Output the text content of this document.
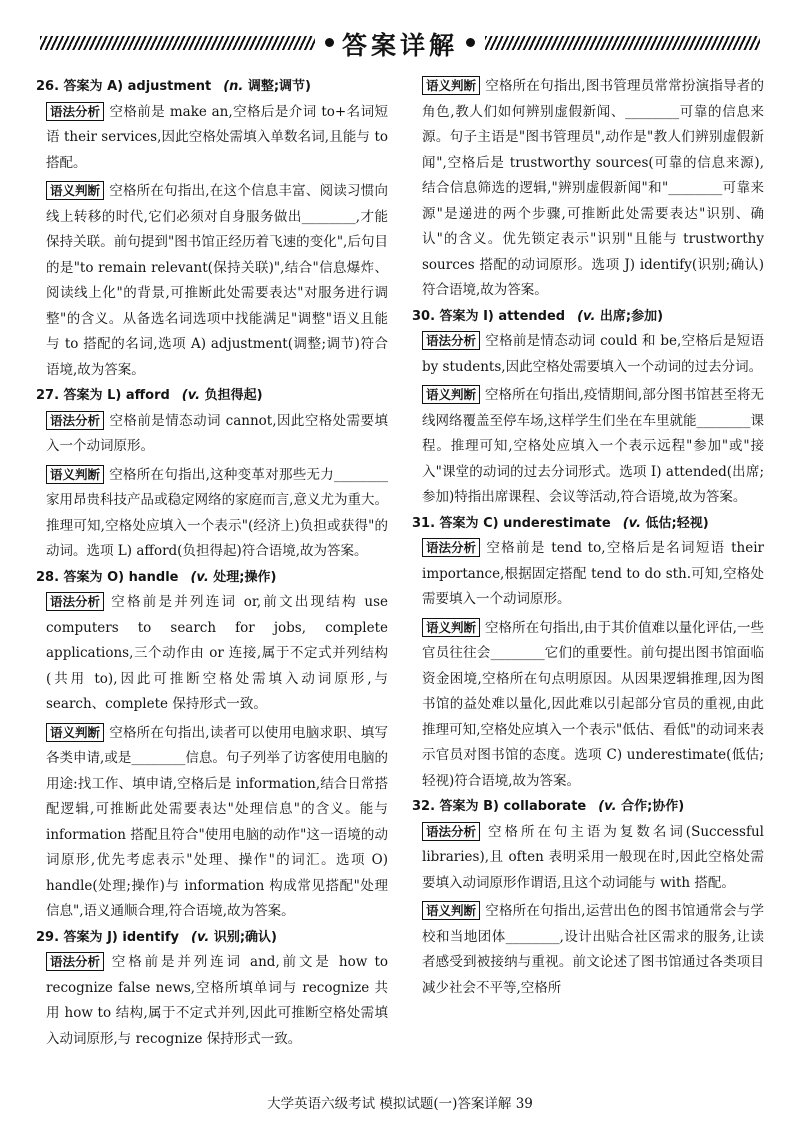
答案详解
26. 答案为 A) adjustment (n. 调整;调节)

语法分析 空格前是 make an,空格后是介词 to+名词短语 their services,因此空格处需填入单数名词,且能与 to 搭配。

语义判断 空格所在句指出,在这个信息丰富、阅读习惯向线上转移的时代,它们必须对自身服务做出________,才能保持关联。前句提到"图书馆正经历着飞速的变化",后句目的是"to remain relevant(保持关联)",结合"信息爆炸、阅读线上化"的背景,可推断此处需要表达"对服务进行调整"的含义。从备选名词选项中找能满足"调整"语义且能与 to 搭配的名词,选项 A) adjustment(调整;调节)符合语境,故为答案。

27. 答案为 L) afford (v. 负担得起)

语法分析 空格前是情态动词 cannot,因此空格处需要填入一个动词原形。

语义判断 空格所在句指出,这种变革对那些无力________家用昂贵科技产品或稳定网络的家庭而言,意义尤为重大。推理可知,空格处应填入一个表示"(经济上)负担或获得"的动词。选项 L) afford(负担得起)符合语境,故为答案。

28. 答案为 O) handle (v. 处理;操作)

语法分析 空格前是并列连词 or,前文出现结构 use computers to search for jobs, complete applications,三个动作由 or 连接,属于不定式并列结构(共用 to),因此可推断空格处需填入动词原形,与 search、complete 保持形式一致。

语义判断 空格所在句指出,读者可以使用电脑求职、填写各类申请,或是________信息。句子列举了访客使用电脑的用途:找工作、填申请,空格后是 information,结合日常搭配逻辑,可推断此处需要表达"处理信息"的含义。能与 information 搭配且符合"使用电脑的动作"这一语境的动词原形,优先考虑表示"处理、操作"的词汇。选项 O) handle(处理;操作)与 information 构成常见搭配"处理信息",语义通顺合理,符合语境,故为答案。

29. 答案为 J) identify (v. 识别;确认)

语法分析 空格前是并列连词 and,前文是 how to recognize false news,空格所填单词与 recognize 共用 how to 结构,属于不定式并列,因此可推断空格处需填入动词原形,与 recognize 保持形式一致。

语义判断 空格所在句指出,图书管理员常常扮演指导者的角色,教人们如何辨别虚假新闻、________可靠的信息来源。句子主语是"图书管理员",动作是"教人们辨别虚假新闻",空格后是 trustworthy sources(可靠的信息来源),结合信息筛选的逻辑,"辨别虚假新闻"和"________可靠来源"是递进的两个步骤,可推断此处需要表达"识别、确认"的含义。优先锁定表示"识别"且能与 trustworthy sources 搭配的动词原形。选项 J) identify(识别;确认)符合语境,故为答案。

30. 答案为 I) attended (v. 出席;参加)

语法分析 空格前是情态动词 could 和 be,空格后是短语 by students,因此空格处需要填入一个动词的过去分词。

语义判断 空格所在句指出,疫情期间,部分图书馆甚至将无线网络覆盖至停车场,这样学生们坐在车里就能________课程。推理可知,空格处应填入一个表示远程"参加"或"接入"课堂的动词的过去分词形式。选项 I) attended(出席;参加)特指出席课程、会议等活动,符合语境,故为答案。

31. 答案为 C) underestimate (v. 低估;轻视)

语法分析 空格前是 tend to,空格后是名词短语 their importance,根据固定搭配 tend to do sth.可知,空格处需要填入一个动词原形。

语义判断 空格所在句指出,由于其价值难以量化评估,一些官员往往会________它们的重要性。前句提出图书馆面临资金困境,空格所在句点明原因。从因果逻辑推理,因为图书馆的益处难以量化,因此难以引起部分官员的重视,由此推理可知,空格处应填入一个表示"低估、看低"的动词来表示官员对图书馆的态度。选项 C) underestimate(低估;轻视)符合语境,故为答案。

32. 答案为 B) collaborate (v. 合作;协作)

语法分析 空格所在句主语为复数名词(Successful libraries),且 often 表明采用一般现在时,因此空格处需要填入动词原形作谓语,且这个动词能与 with 搭配。

语义判断 空格所在句指出,运营出色的图书馆通常会与学校和当地团体________,设计出贴合社区需求的服务,让读者感受到被接纳与重视。前文论述了图书馆通过各类项目减少社会不平等,空格所

大学英语六级考试 模拟试题(一)答案详解 39
